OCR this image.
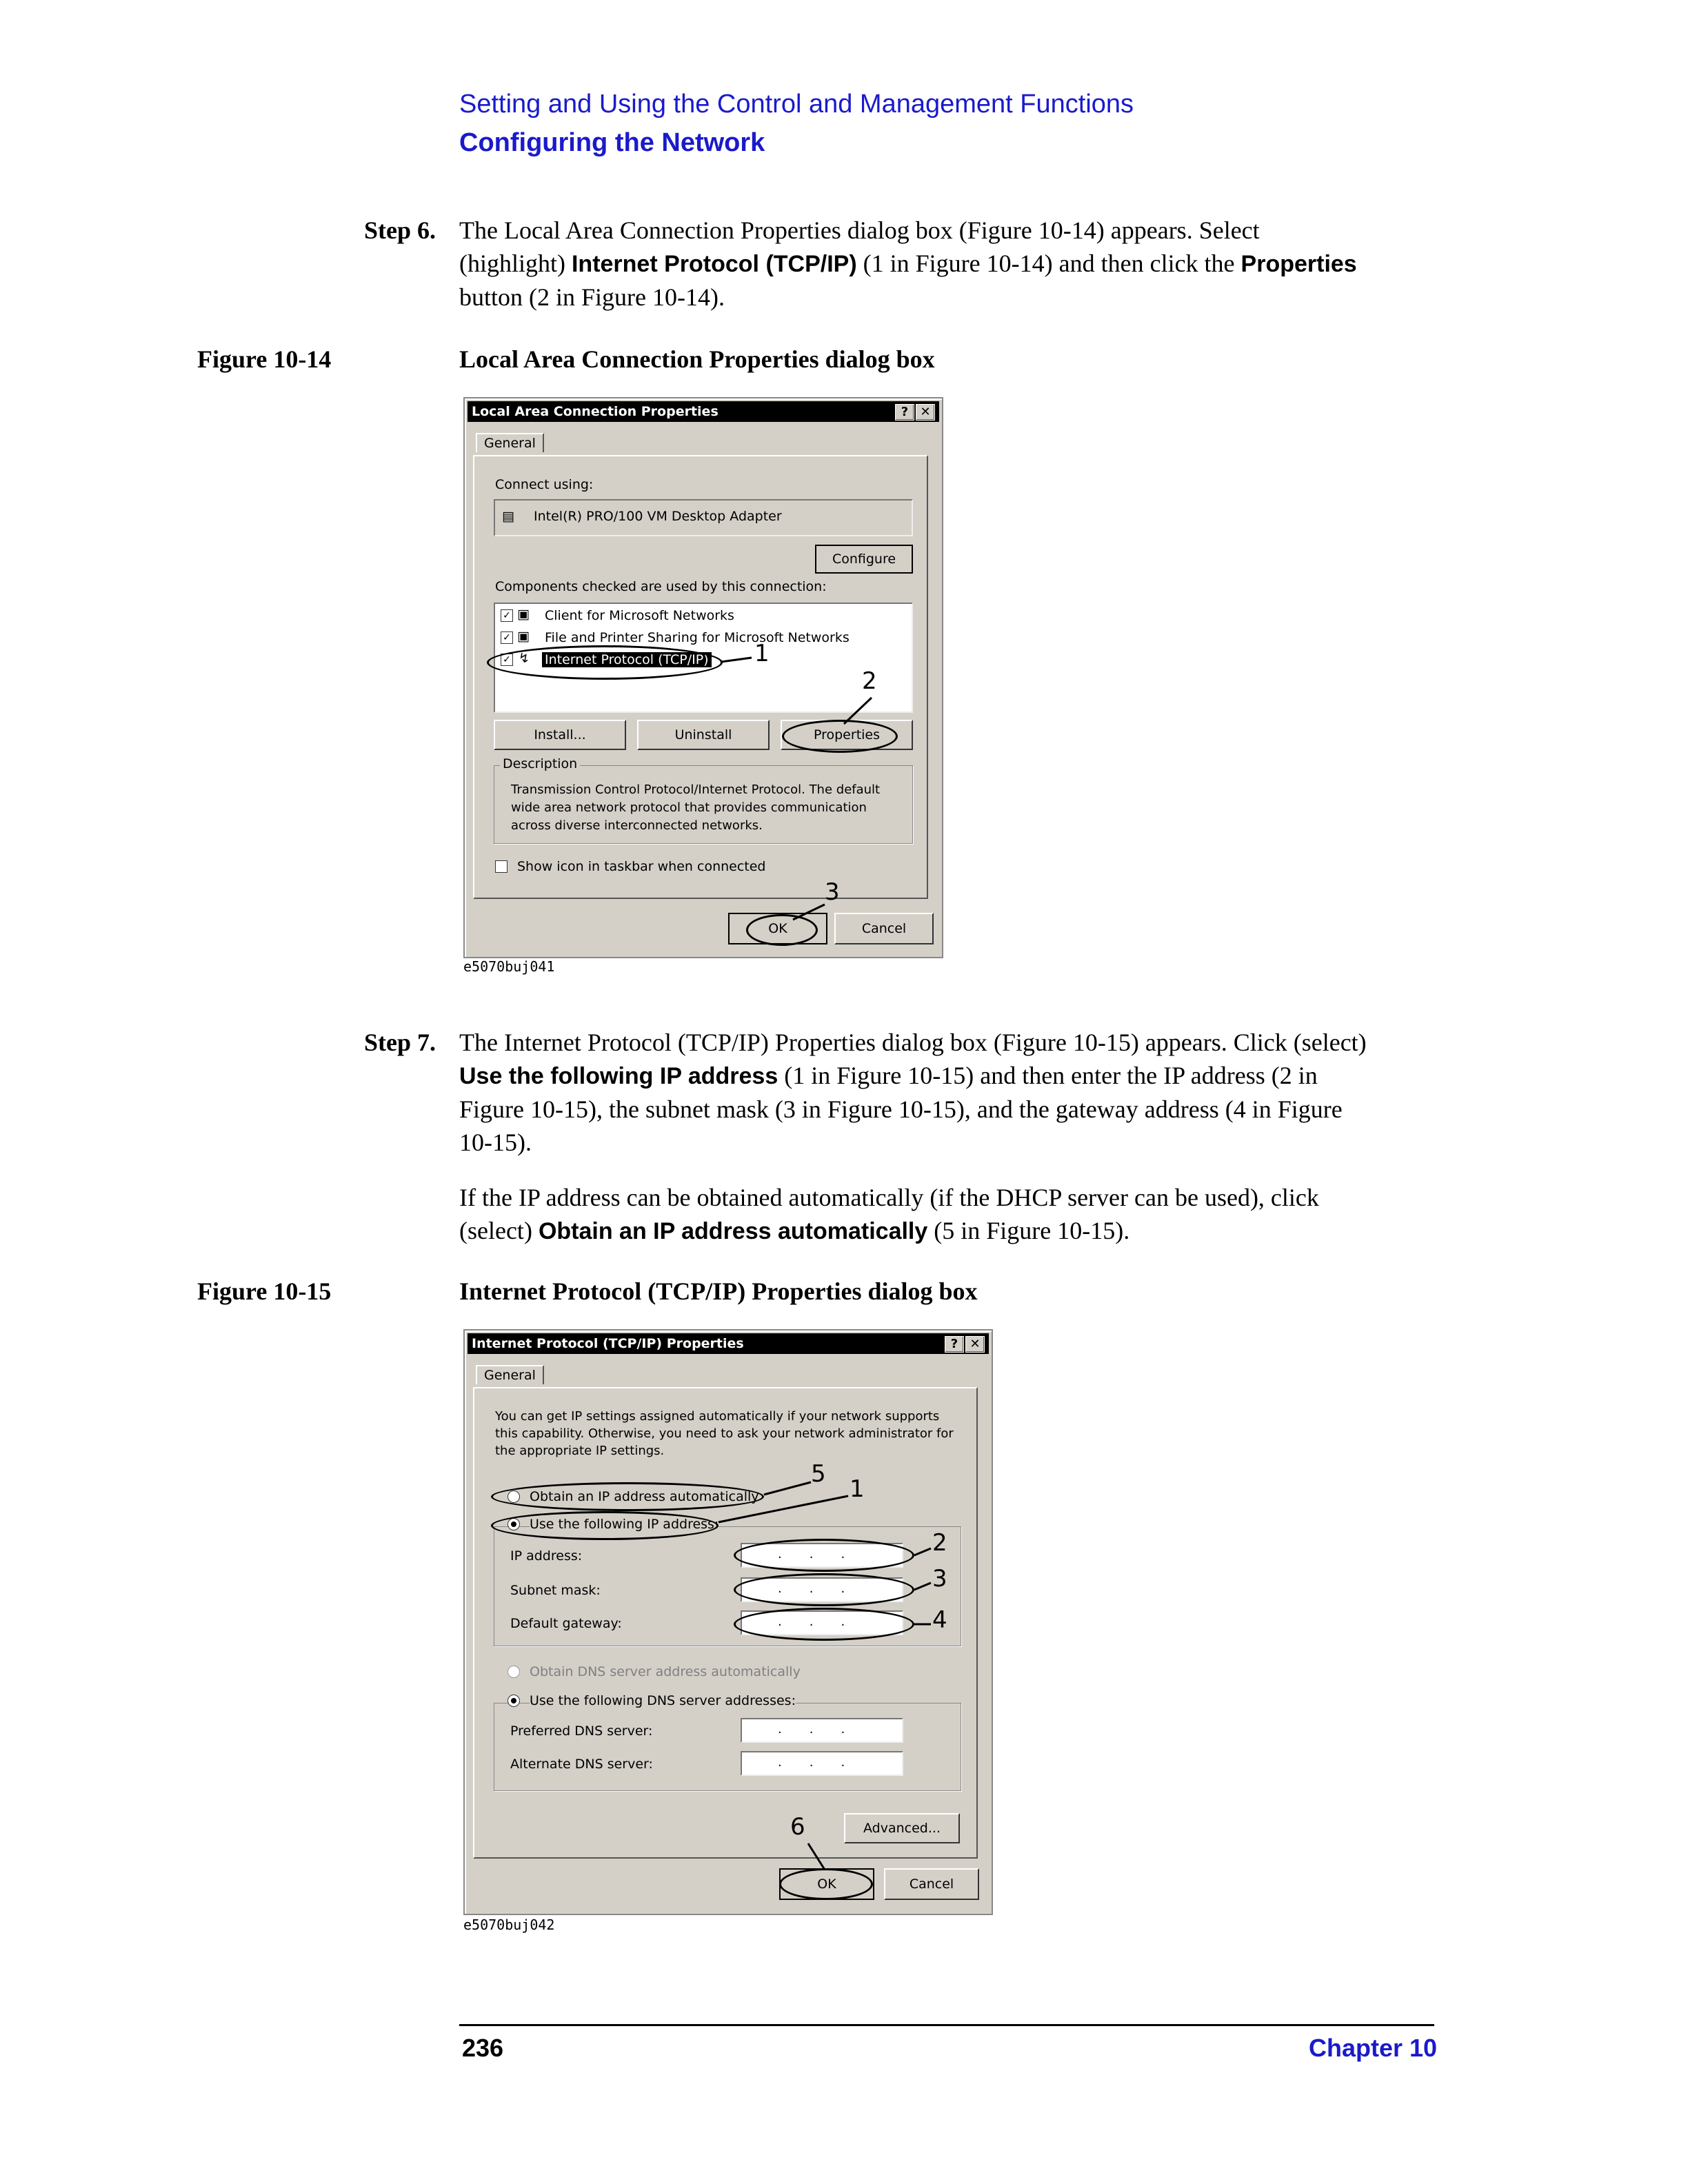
Setting and Using the Control and Management Functions
Configuring the Network
Step 6. The Local Area Connection Properties dialog box (Figure 10-14) appears. Select
(highlight) Internet Protocol (TCP/IP) (1 in Figure 10-14) and then click the Properties
button (2 in Figure 10-14).
Figure 10-14	Local Area Connection Properties dialog box
Local Area Connection Properties	? ✕
General
Connect using:
▤ Intel(R) PRO/100 VM Desktop Adapter
Configure
Components checked are used by this connection:
✓ ▣ Client for Microsoft Networks
✓ ▣ File and Printer Sharing for Microsoft Networks
✓ ↯ Internet Protocol (TCP/IP)
Install...	Uninstall	Properties
Description
Transmission Control Protocol/Internet Protocol. The default wide area network protocol that provides communication across diverse interconnected networks.
Show icon in taskbar when connected
OK	Cancel
1
2
3
e5070buj041
Step 7. The Internet Protocol (TCP/IP) Properties dialog box (Figure 10-15) appears. Click (select)
Use the following IP address (1 in Figure 10-15) and then enter the IP address (2 in
Figure 10-15), the subnet mask (3 in Figure 10-15), and the gateway address (4 in Figure
10-15).
If the IP address can be obtained automatically (if the DHCP server can be used), click
(select) Obtain an IP address automatically (5 in Figure 10-15).
Figure 10-15	Internet Protocol (TCP/IP) Properties dialog box
Internet Protocol (TCP/IP) Properties	? ✕
General
You can get IP settings assigned automatically if your network supports this capability. Otherwise, you need to ask your network administrator for the appropriate IP settings.
Obtain an IP address automatically
Use the following IP address:
IP address:	...
Subnet mask:	...
Default gateway:	...
Obtain DNS server address automatically
Use the following DNS server addresses:
Preferred DNS server:	...
Alternate DNS server:	...
Advanced...
OK	Cancel
5
1
2
3
4
6
e5070buj042
236	Chapter 10
